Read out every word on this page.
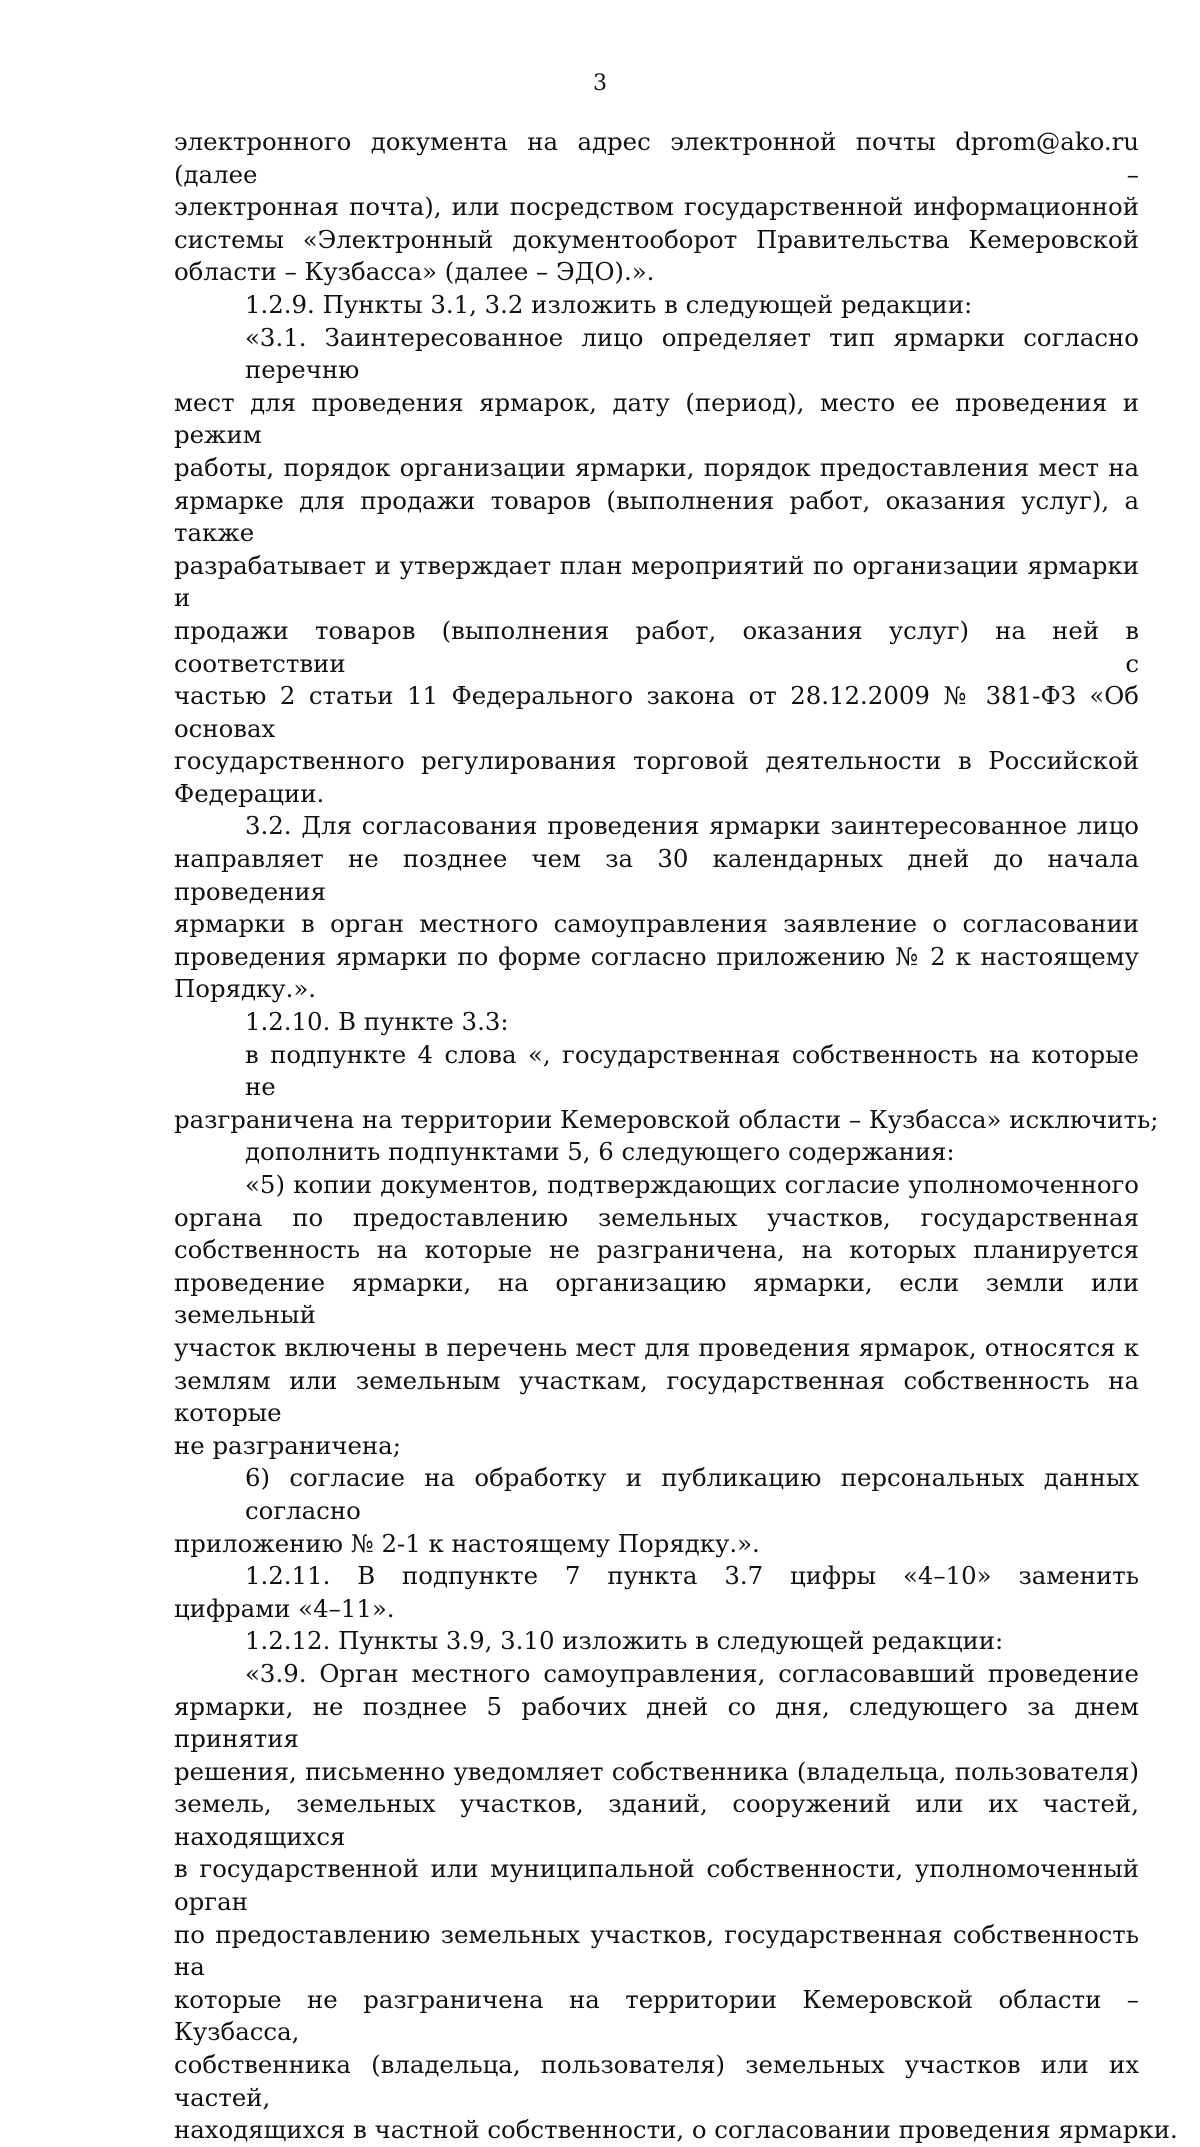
3

электронного документа на адрес электронной почты dprom@ako.ru (далее –
электронная почта), или посредством государственной информационной
системы «Электронный документооборот Правительства Кемеровской
области – Кузбасса» (далее – ЭДО).».

1.2.9. Пункты 3.1, 3.2 изложить в следующей редакции:

«3.1. Заинтересованное лицо определяет тип ярмарки согласно перечню
мест для проведения ярмарок, дату (период), место ее проведения и режим
работы, порядок организации ярмарки, порядок предоставления мест на
ярмарке для продажи товаров (выполнения работ, оказания услуг), а также
разрабатывает и утверждает план мероприятий по организации ярмарки и
продажи товаров (выполнения работ, оказания услуг) на ней в соответствии с
частью 2 статьи 11 Федерального закона от 28.12.2009 № 381-ФЗ «Об основах
государственного регулирования торговой деятельности в Российской
Федерации.

3.2. Для согласования проведения ярмарки заинтересованное лицо
направляет не позднее чем за 30 календарных дней до начала проведения
ярмарки в орган местного самоуправления заявление о согласовании
проведения ярмарки по форме согласно приложению № 2 к настоящему
Порядку.».

1.2.10. В пункте 3.3:

в подпункте 4 слова «, государственная собственность на которые не
разграничена на территории Кемеровской области – Кузбасса» исключить;

дополнить подпунктами 5, 6 следующего содержания:

«5) копии документов, подтверждающих согласие уполномоченного
органа по предоставлению земельных участков, государственная
собственность на которые не разграничена, на которых планируется
проведение ярмарки, на организацию ярмарки, если земли или земельный
участок включены в перечень мест для проведения ярмарок, относятся к
землям или земельным участкам, государственная собственность на которые
не разграничена;

6) согласие на обработку и публикацию персональных данных согласно
приложению № 2-1 к настоящему Порядку.».

1.2.11. В подпункте 7 пункта 3.7 цифры «4–10» заменить
цифрами «4–11».

1.2.12. Пункты 3.9, 3.10 изложить в следующей редакции:

«3.9. Орган местного самоуправления, согласовавший проведение
ярмарки, не позднее 5 рабочих дней со дня, следующего за днем принятия
решения, письменно уведомляет собственника (владельца, пользователя)
земель, земельных участков, зданий, сооружений или их частей, находящихся
в государственной или муниципальной собственности, уполномоченный орган
по предоставлению земельных участков, государственная собственность на
которые не разграничена на территории Кемеровской области – Кузбасса,
собственника (владельца, пользователя) земельных участков или их частей,
находящихся в частной собственности, о согласовании проведения ярмарки.
